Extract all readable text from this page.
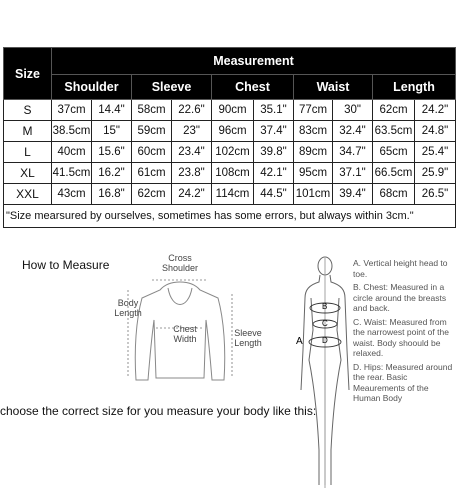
Size	Measurement									
	Shoulder		Sleeve		Chest		Waist		Length	
S	37cm	14.4"	58cm	22.6"	90cm	35.1"	77cm	30"	62cm	24.2"
M	38.5cm	15"	59cm	23"	96cm	37.4"	83cm	32.4"	63.5cm	24.8"
L	40cm	15.6"	60cm	23.4"	102cm	39.8"	89cm	34.7"	65cm	25.4"
XL	41.5cm	16.2"	61cm	23.8"	108cm	42.1"	95cm	37.1"	66.5cm	25.9"
XXL	43cm	16.8"	62cm	24.2"	114cm	44.5"	101cm	39.4"	68cm	26.5"
"Size mearsured by ourselves, sometimes has some errors, but always within 3cm."										
How to Measure	Cross
Shoulder
Body
Length
Chest
Width
Sleeve
Length	A
B
C
D
A. Vertical height head to toe.
B. Chest: Measured in a circle around the breasts and back.
C. Waist: Measured from the narrowest point of the waist. Body shoould be relaxed.
D. Hips: Measured around the rear. Basic Meaurements of the Human Body
choose the correct size for you measure your body like this:
